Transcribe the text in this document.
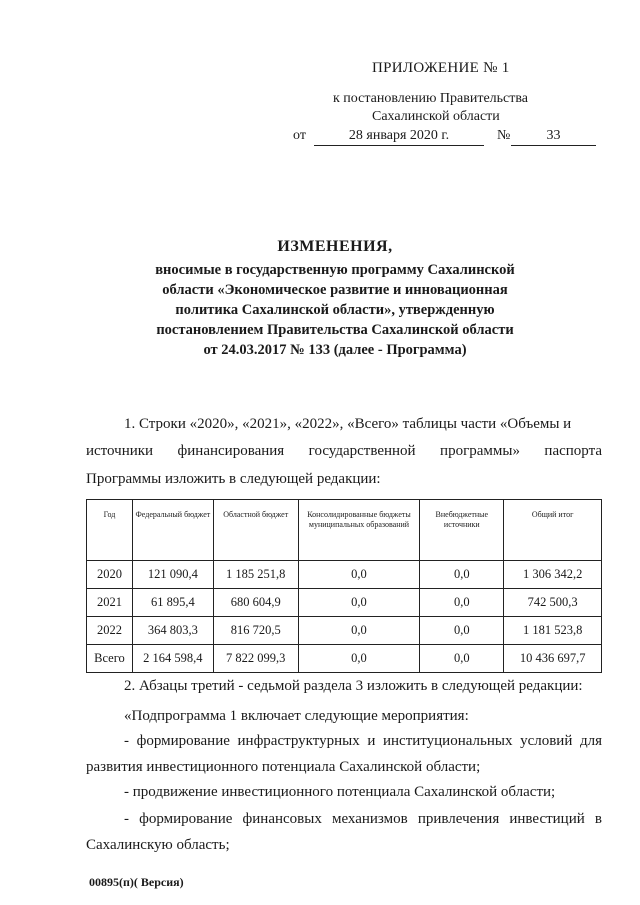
ПРИЛОЖЕНИЕ № 1
к постановлению Правительства
Сахалинской области
от	28 января 2020 г.	№	33
ИЗМЕНЕНИЯ,
вносимые в государственную программу Сахалинской
области «Экономическое развитие и инновационная
политика Сахалинской области», утвержденную
постановлением Правительства Сахалинской области
от 24.03.2017 № 133 (далее - Программа)
1. Строки «2020», «2021», «2022», «Всего» таблицы части «Объемы и
источники финансирования государственной программы» паспорта
Программы изложить в следующей редакции:
Год	Федеральный бюджет	Областной бюджет	Консолидированные бюджеты муниципальных образований	Внебюджетные источники	Общий итог
2020	121 090,4	1 185 251,8	0,0	0,0	1 306 342,2
2021	61 895,4	680 604,9	0,0	0,0	742 500,3
2022	364 803,3	816 720,5	0,0	0,0	1 181 523,8
Всего	2 164 598,4	7 822 099,3	0,0	0,0	10 436 697,7
2. Абзацы третий - седьмой раздела 3 изложить в следующей редакции:
«Подпрограмма 1 включает следующие мероприятия:
- формирование инфраструктурных и институциональных условий для
развития инвестиционного потенциала Сахалинской области;
- продвижение инвестиционного потенциала Сахалинской области;
- формирование финансовых механизмов привлечения инвестиций в
Сахалинскую область;
00895(п)( Версия)
